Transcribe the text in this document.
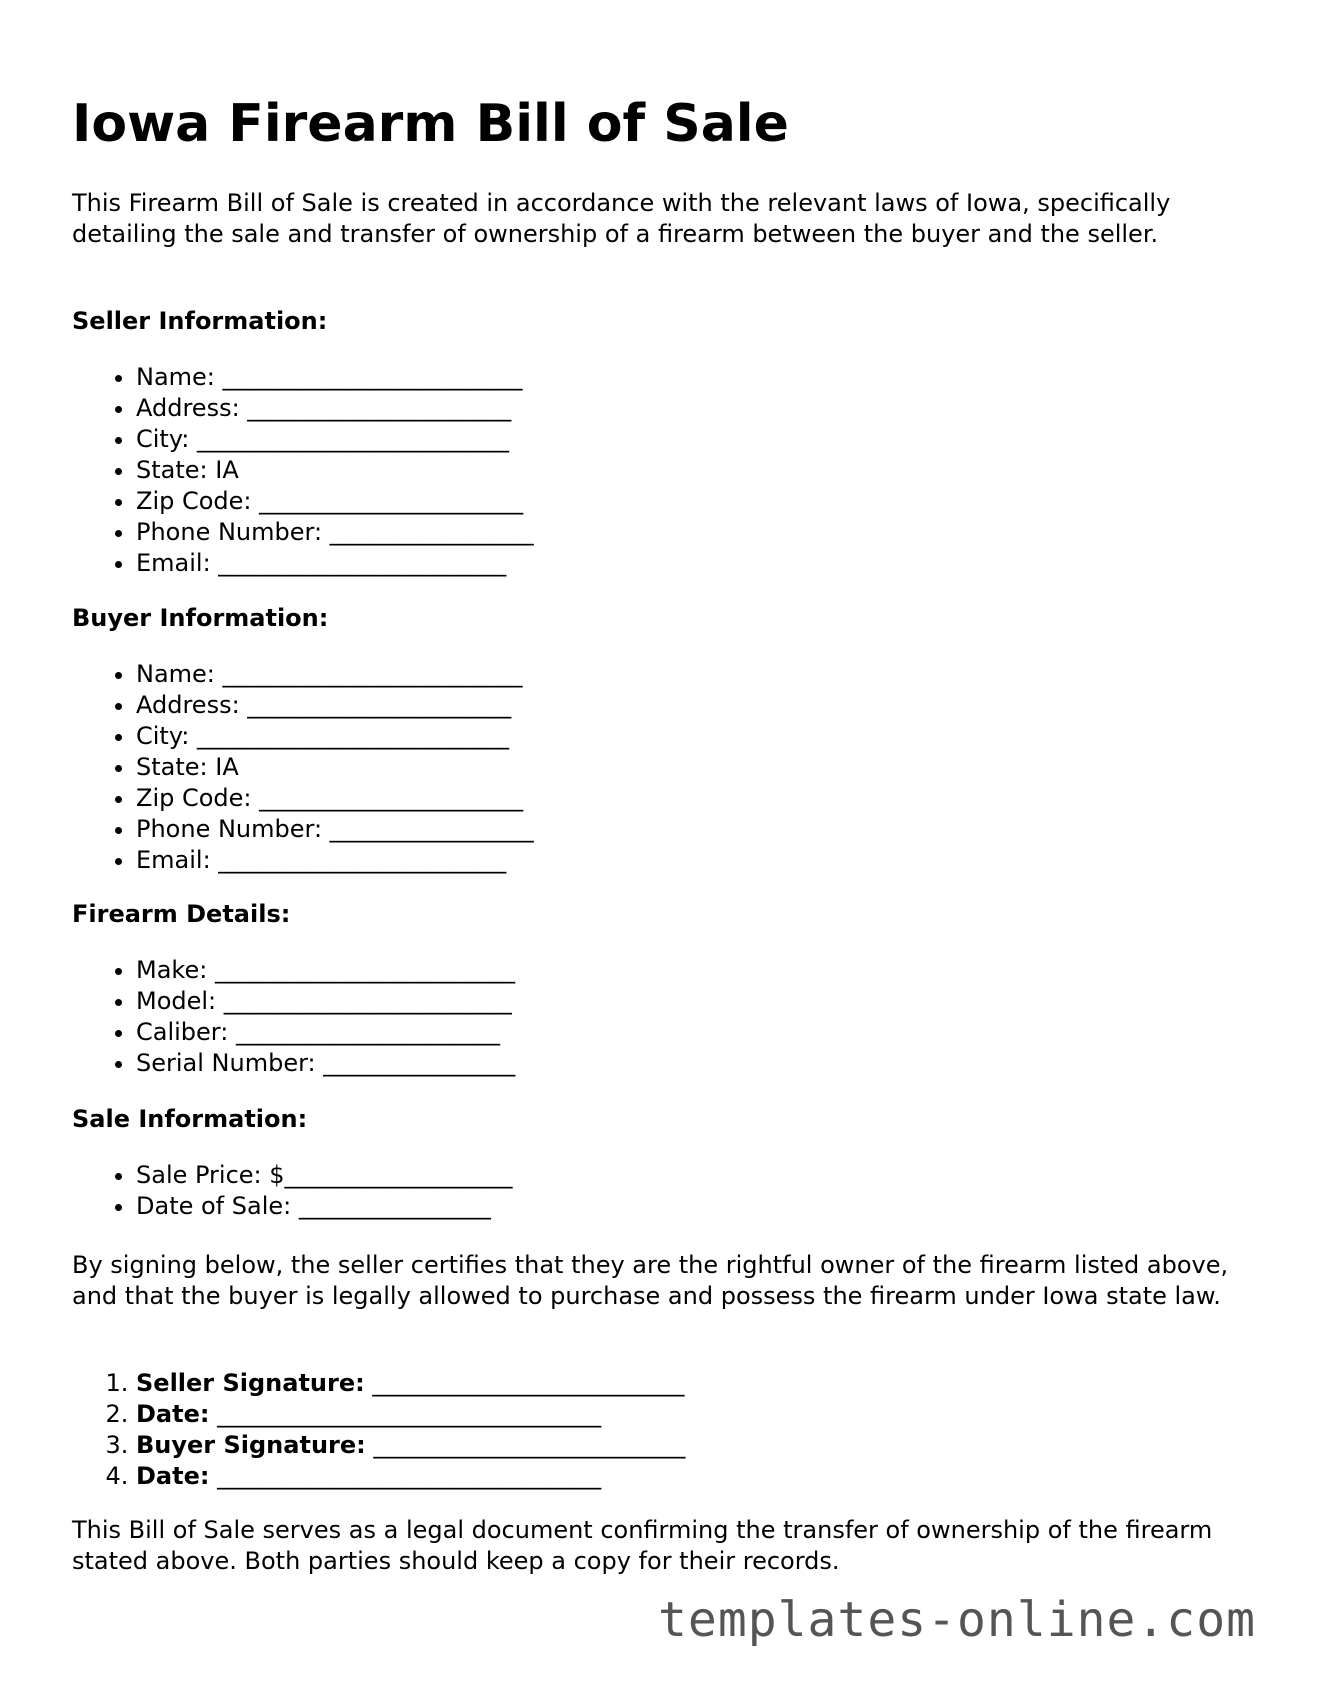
Iowa Firearm Bill of Sale

This Firearm Bill of Sale is created in accordance with the relevant laws of Iowa, specifically detailing the sale and transfer of ownership of a firearm between the buyer and the seller.

Seller Information:

• Name: _________________________
• Address: ______________________
• City: __________________________
• State: IA
• Zip Code: ______________________
• Phone Number: _________________
• Email: ________________________

Buyer Information:

• Name: _________________________
• Address: ______________________
• City: __________________________
• State: IA
• Zip Code: ______________________
• Phone Number: _________________
• Email: ________________________

Firearm Details:

• Make: _________________________
• Model: ________________________
• Caliber: ______________________
• Serial Number: ________________

Sale Information:

• Sale Price: $___________________
• Date of Sale: ________________

By signing below, the seller certifies that they are the rightful owner of the firearm listed above, and that the buyer is legally allowed to purchase and possess the firearm under Iowa state law.

1. Seller Signature: __________________________
2. Date: ________________________________
3. Buyer Signature: __________________________
4. Date: ________________________________

This Bill of Sale serves as a legal document confirming the transfer of ownership of the firearm stated above. Both parties should keep a copy for their records.

templates-online.com
